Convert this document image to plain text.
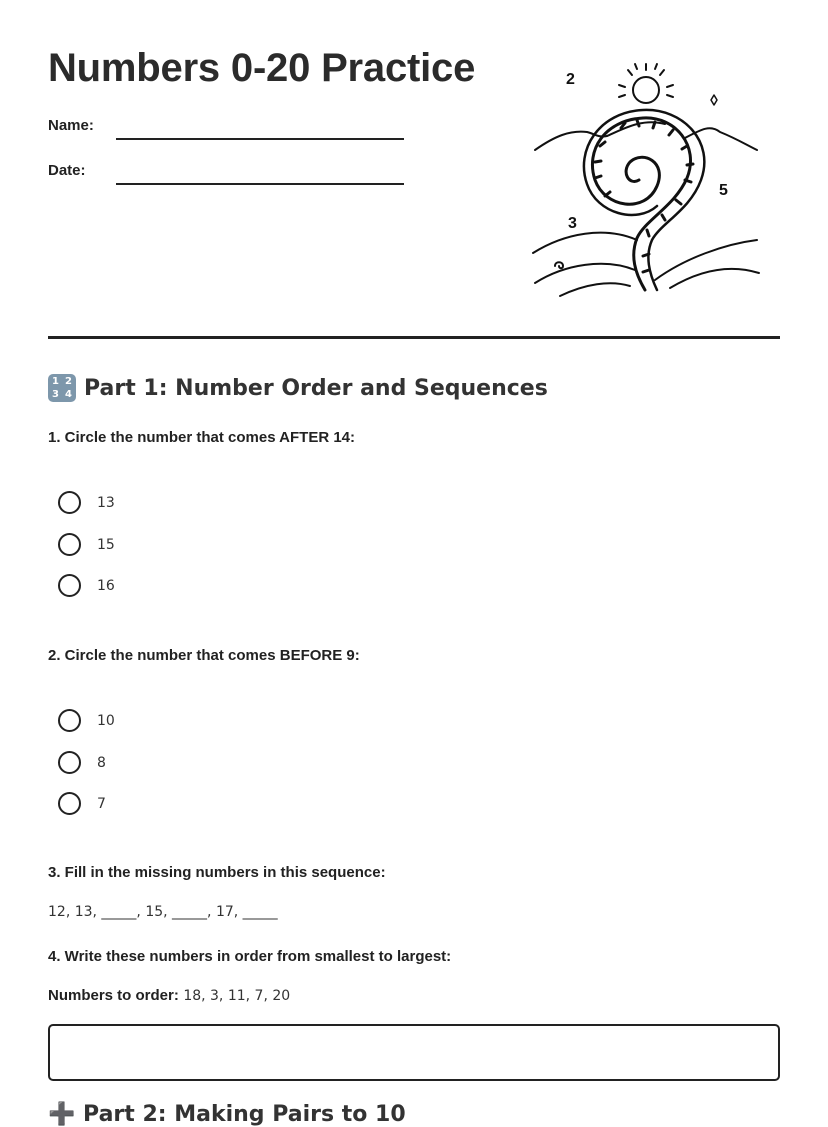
Numbers 0-20 Practice
Name:
Date:
2
3
5
1 2
3 4 Part 1: Number Order and Sequences
1. Circle the number that comes AFTER 14:
13
15
16
2. Circle the number that comes BEFORE 9:
10
8
7
3. Fill in the missing numbers in this sequence:
12, 13, _____, 15, _____, 17, _____
4. Write these numbers in order from smallest to largest:
Numbers to order: 18, 3, 11, 7, 20
➕ Part 2: Making Pairs to 10
